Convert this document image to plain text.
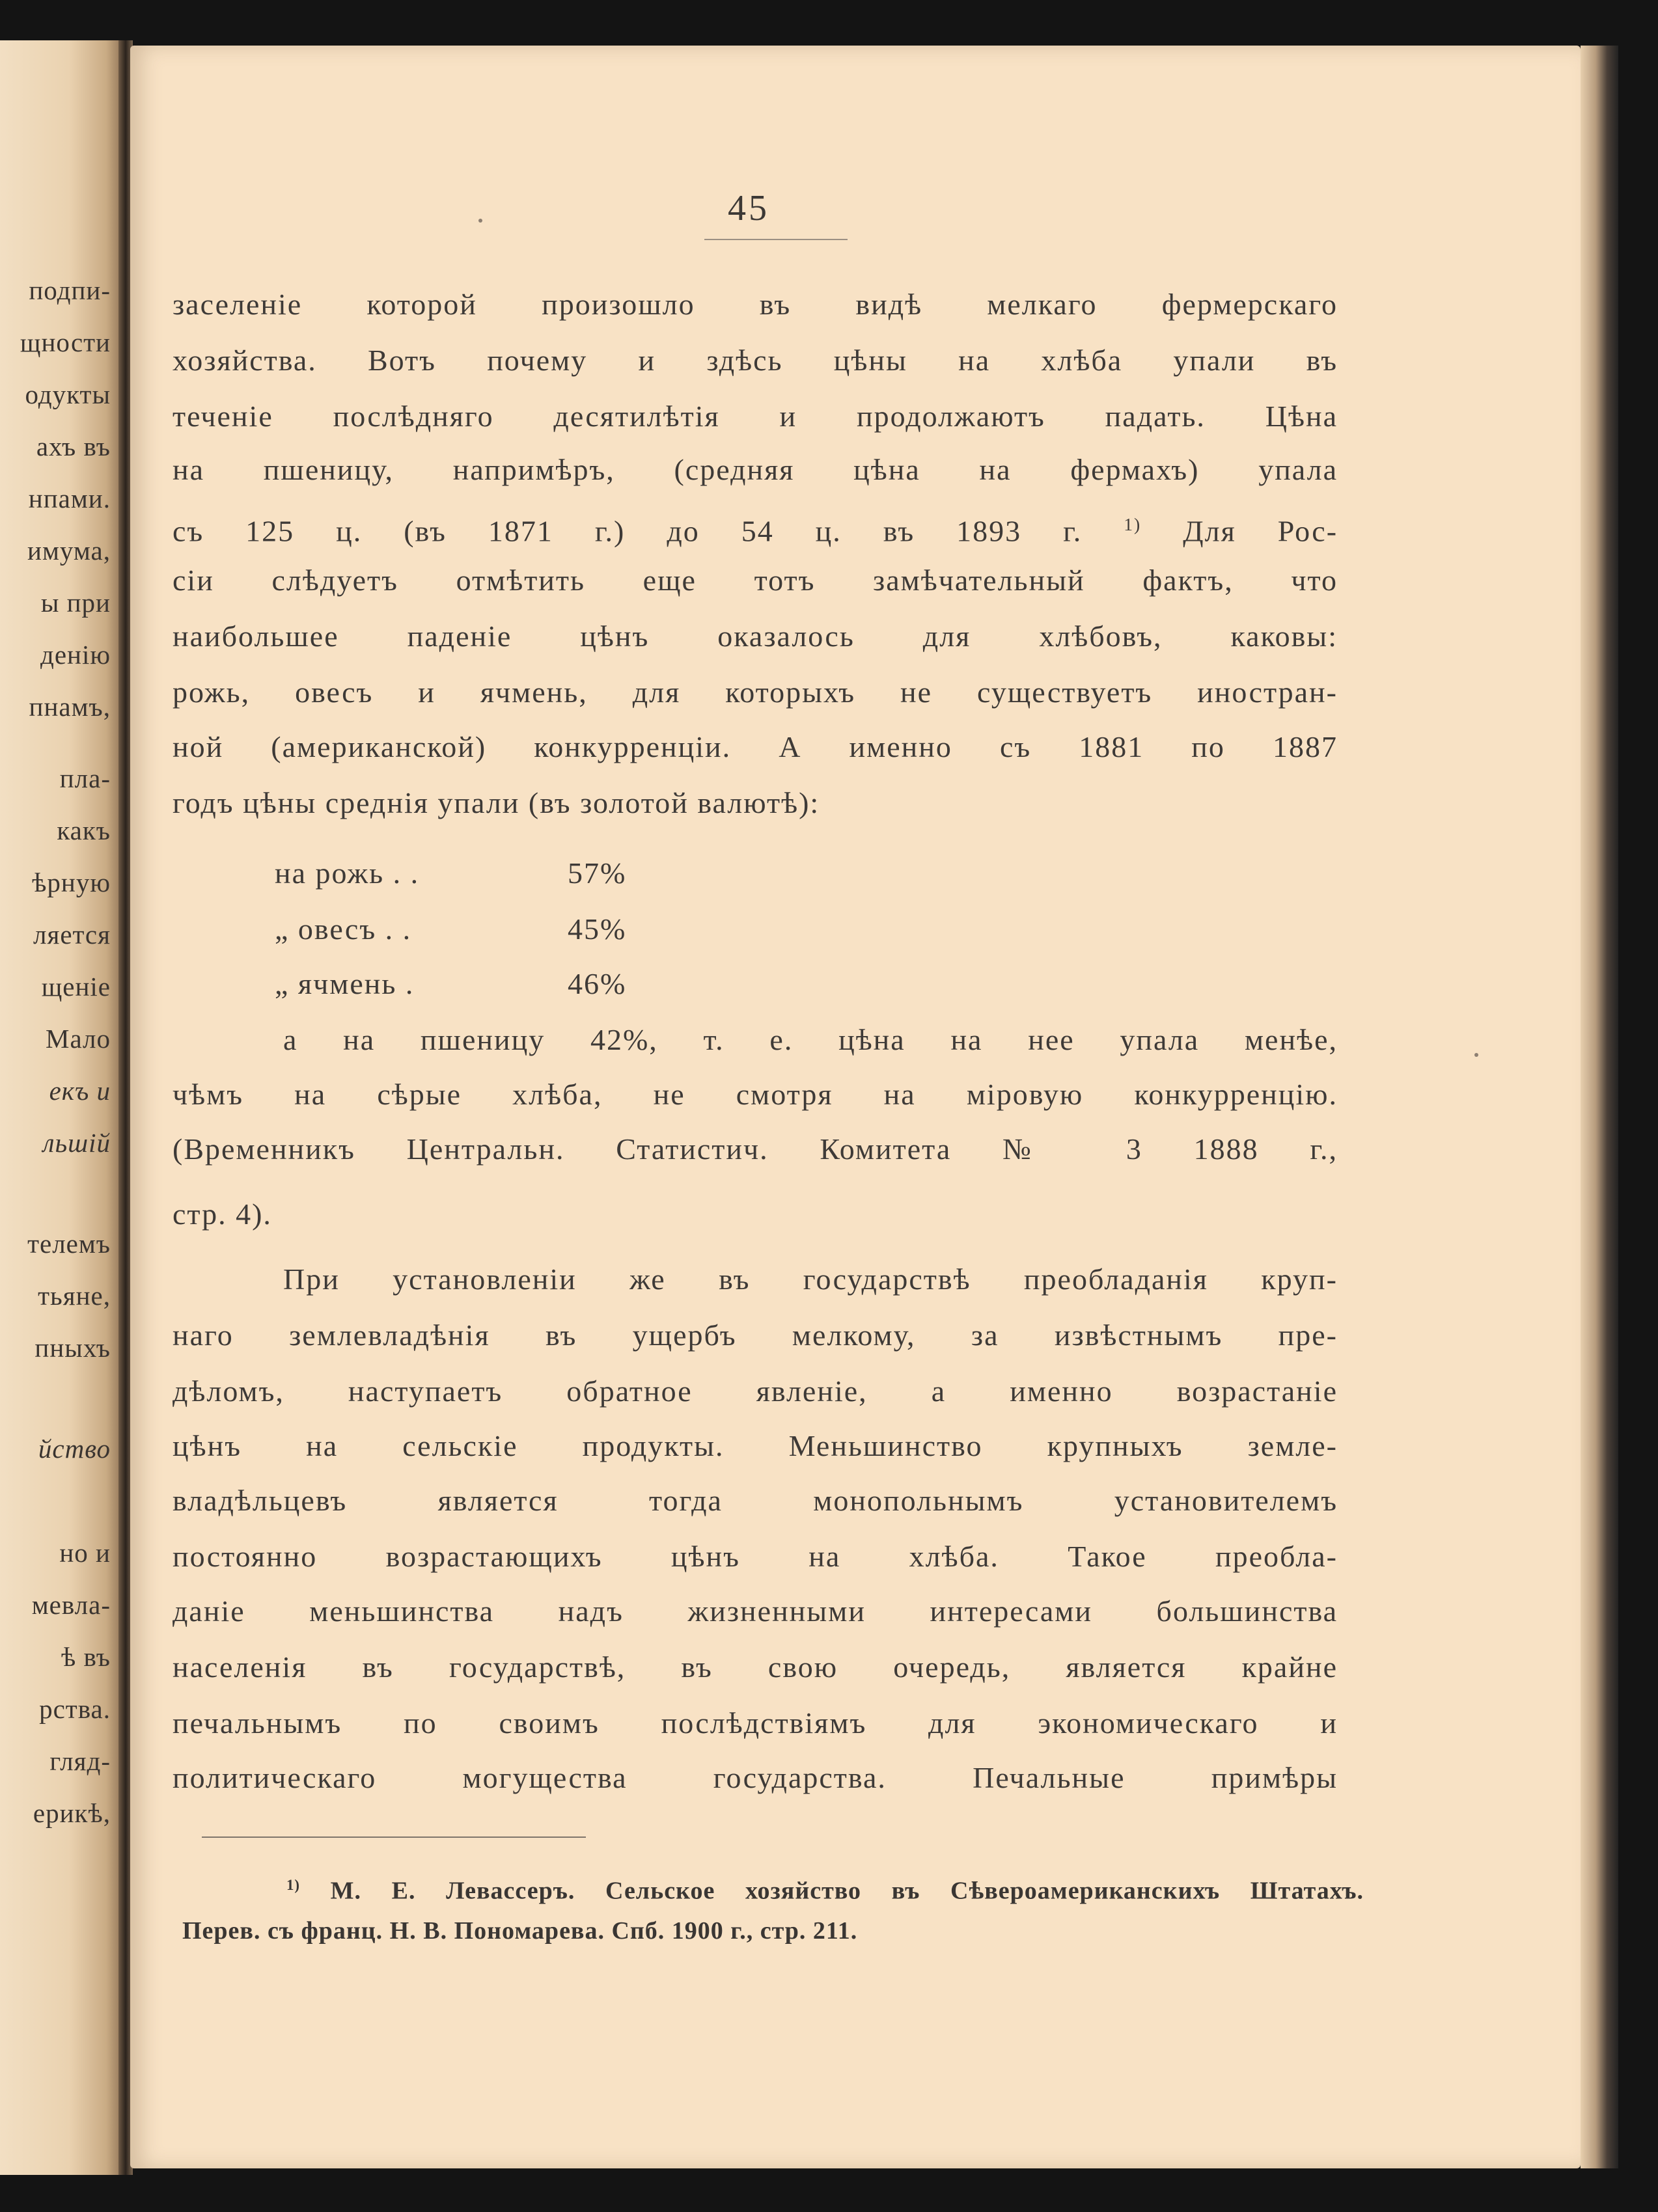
подпи-
щности
одукты
ахъ въ
нпами.
имума,
ы при
денію
пнамъ,
пла-
какъ
ѣрную
ляется
щеніе
Мало
екъ и
льшій
телемъ
тьяне,
пныхъ
йство
но и
мевла-
ѣ въ
рства.
гляд-
ерикѣ,
45
заселеніе которой произошло въ видѣ мелкаго фермерскаго
хозяйства. Вотъ почему и здѣсь цѣны на хлѣба упали въ
теченіе послѣдняго десятилѣтія и продолжаютъ падать. Цѣна
на пшеницу, напримѣръ, (средняя цѣна на фермахъ) упала
съ 125 ц. (въ 1871 г.) до 54 ц. въ 1893 г. $^{1)}$ Для Рос-
сіи слѣдуетъ отмѣтить еще тотъ замѣчательный фактъ, что
наибольшее паденіе цѣнъ оказалось для хлѣбовъ, каковы:
рожь, овесъ и ячмень, для которыхъ не существуетъ иностран-
ной (американской) конкурренціи. А именно съ 1881 по 1887
годъ цѣны среднія упали (въ золотой валютѣ):
на рожь . .	57%
„ овесъ . .	45%
„ ячмень .	46%
а на пшеницу 42%, т. е. цѣна на нее упала менѣе,
чѣмъ на сѣрые хлѣба, не смотря на міровую конкурренцію.
(Временникъ Центральн. Статистич. Комитета № 3 1888 г.,
стр. 4).
При установленіи же въ государствѣ преобладанія круп-
наго землевладѣнія въ ущербъ мелкому, за извѣстнымъ пре-
дѣломъ, наступаетъ обратное явленіе, а именно возрастаніе
цѣнъ на сельскіе продукты. Меньшинство крупныхъ земле-
владѣльцевъ является тогда монопольнымъ установителемъ
постоянно возрастающихъ цѣнъ на хлѣба. Такое преобла-
даніе меньшинства надъ жизненными интересами большинства
населенія въ государствѣ, въ свою очередь, является крайне
печальнымъ по своимъ послѣдствіямъ для экономическаго и
политическаго могущества государства. Печальные примѣры
$^{1)}$ М. Е. Левассеръ. Сельское хозяйство въ Сѣвероамериканскихъ Штатахъ.
Перев. съ франц. Н. В. Пономарева. Спб. 1900 г., стр. 211.
